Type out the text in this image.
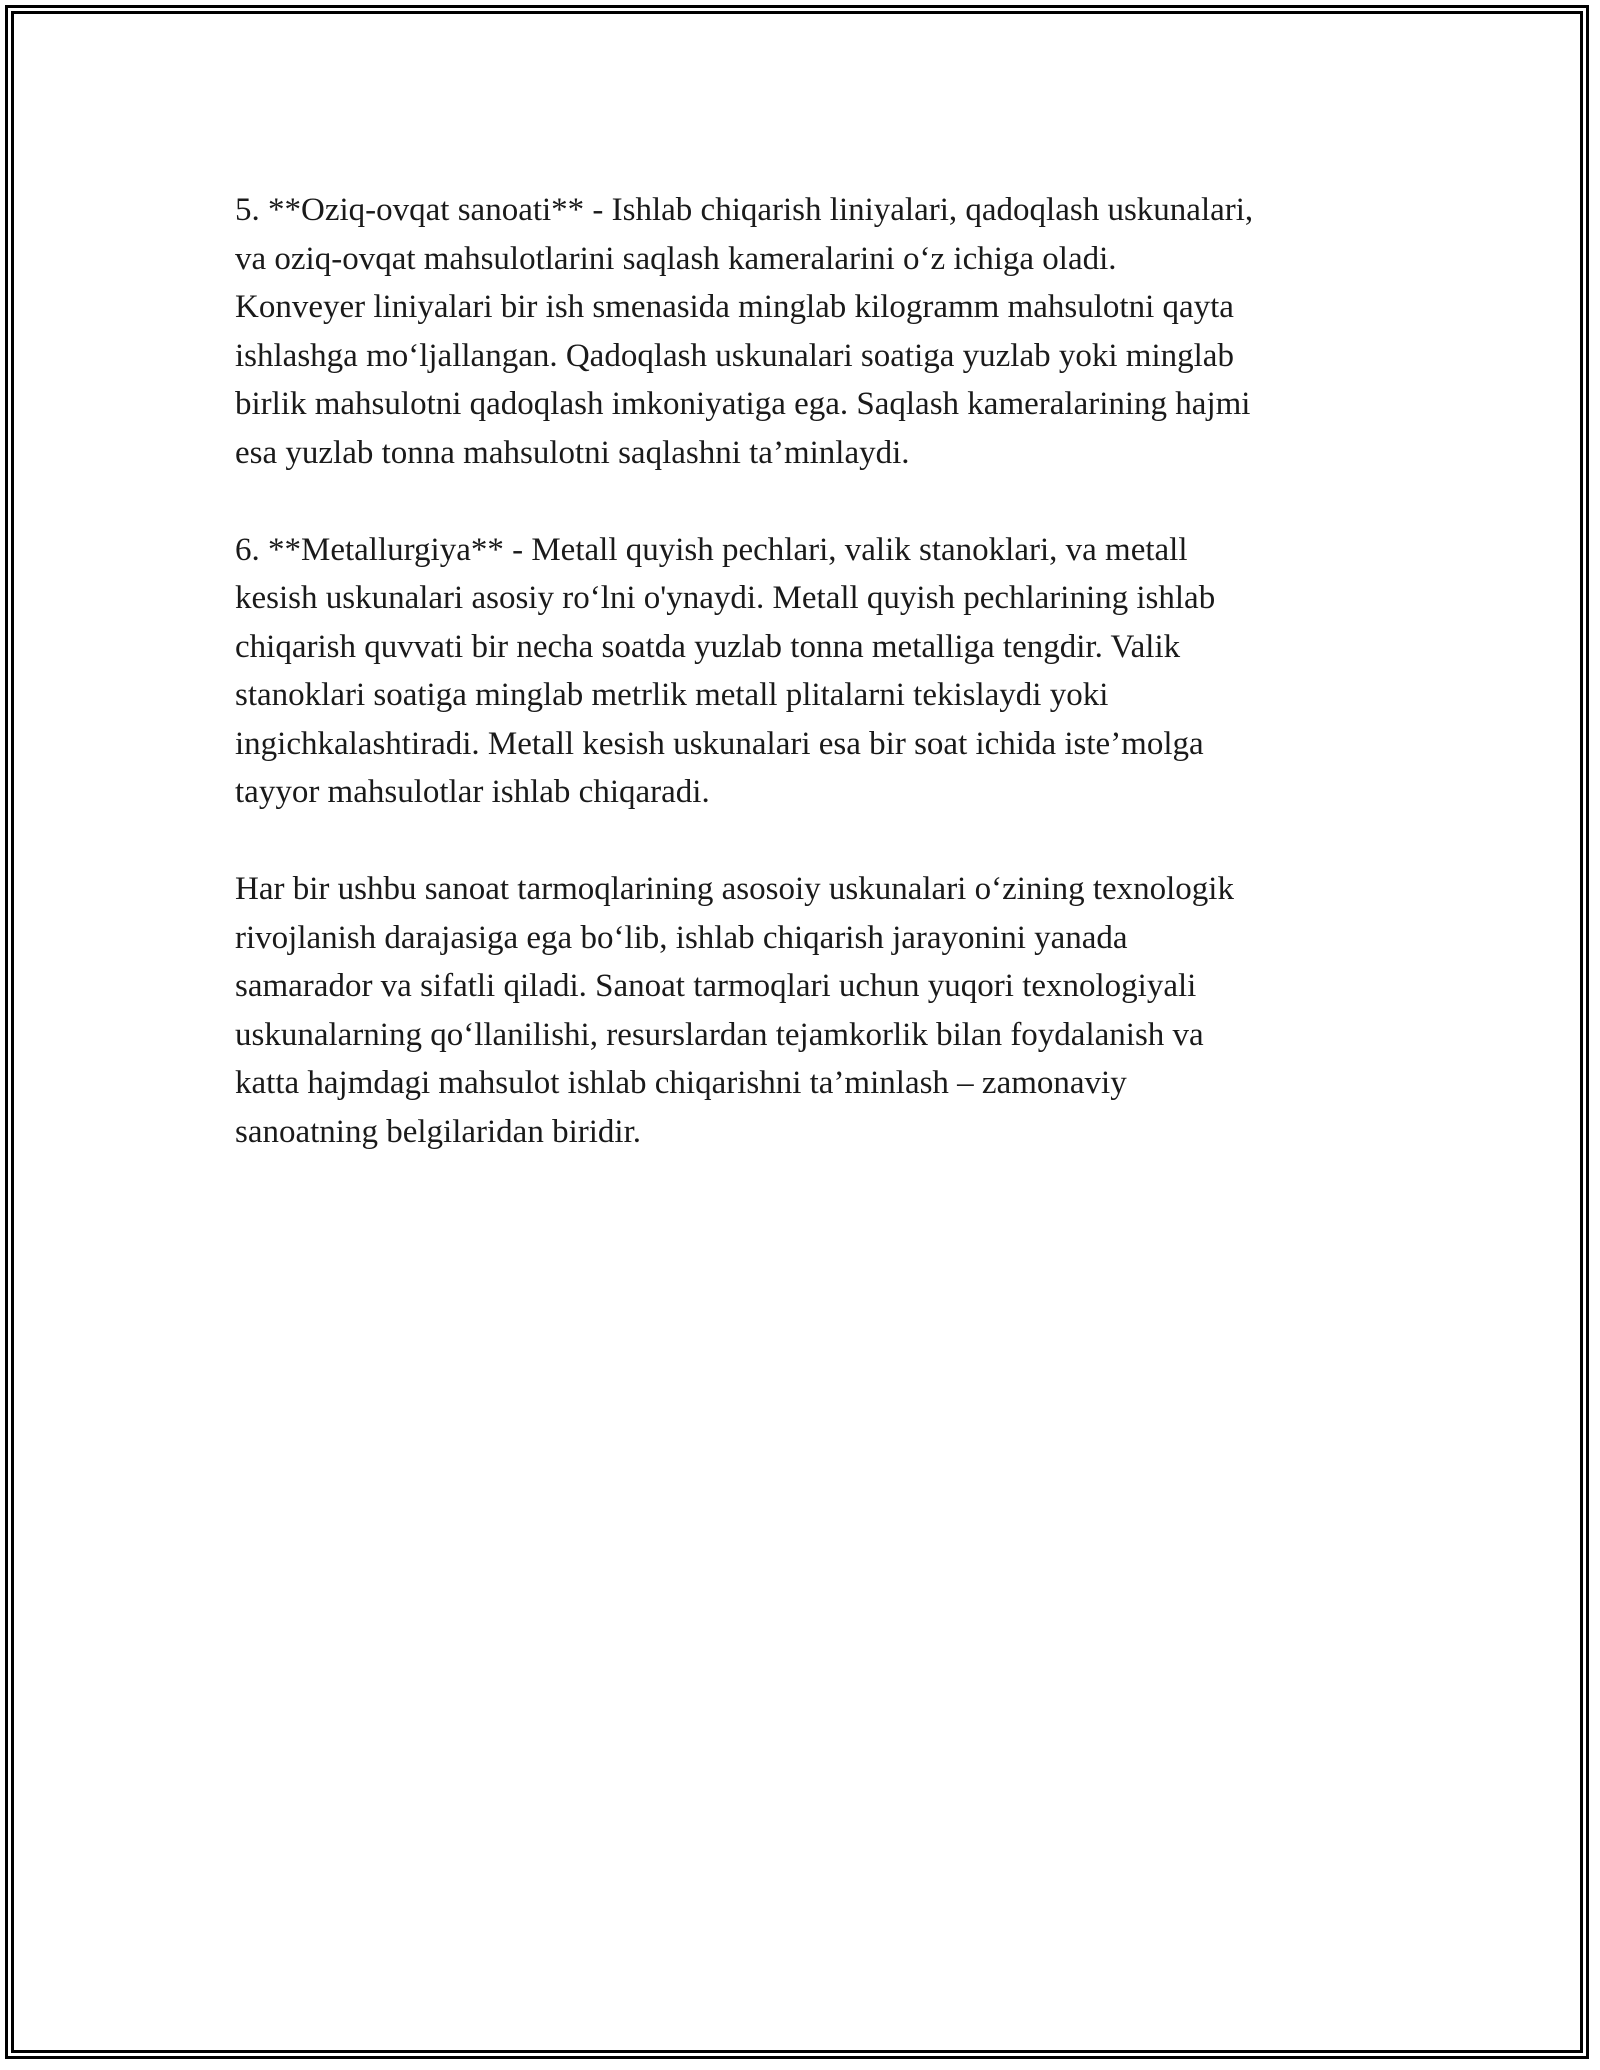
5. **Oziq-ovqat sanoati** - Ishlab chiqarish liniyalari, qadoqlash uskunalari,
va oziq-ovqat mahsulotlarini saqlash kameralarini o‘z ichiga oladi.
Konveyer liniyalari bir ish smenasida minglab kilogramm mahsulotni qayta
ishlashga mo‘ljallangan. Qadoqlash uskunalari soatiga yuzlab yoki minglab
birlik mahsulotni qadoqlash imkoniyatiga ega. Saqlash kameralarining hajmi
esa yuzlab tonna mahsulotni saqlashni ta’minlaydi.

6. **Metallurgiya** - Metall quyish pechlari, valik stanoklari, va metall
kesish uskunalari asosiy ro‘lni o'ynaydi. Metall quyish pechlarining ishlab
chiqarish quvvati bir necha soatda yuzlab tonna metalliga tengdir. Valik
stanoklari soatiga minglab metrlik metall plitalarni tekislaydi yoki
ingichkalashtiradi. Metall kesish uskunalari esa bir soat ichida iste’molga
tayyor mahsulotlar ishlab chiqaradi.

Har bir ushbu sanoat tarmoqlarining asosoiy uskunalari o‘zining texnologik
rivojlanish darajasiga ega bo‘lib, ishlab chiqarish jarayonini yanada
samarador va sifatli qiladi. Sanoat tarmoqlari uchun yuqori texnologiyali
uskunalarning qo‘llanilishi, resurslardan tejamkorlik bilan foydalanish va
katta hajmdagi mahsulot ishlab chiqarishni ta’minlash – zamonaviy
sanoatning belgilaridan biridir.
